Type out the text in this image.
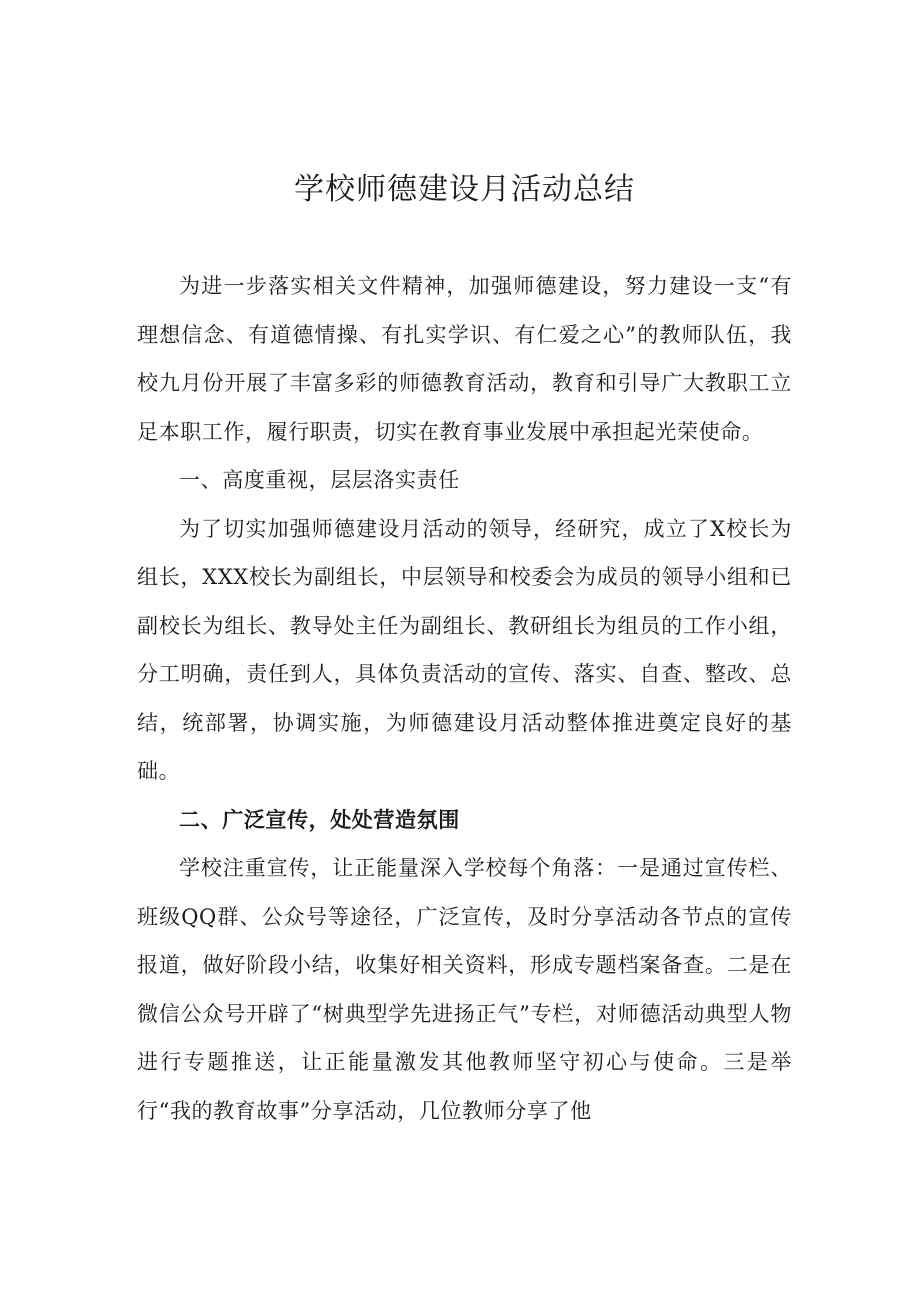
学校师德建设月活动总结

为进一步落实相关文件精神，加强师德建设，努力建设一支“有理想信念、有道德情操、有扎实学识、有仁爱之心”的教师队伍，我校九月份开展了丰富多彩的师德教育活动，教育和引导广大教职工立足本职工作，履行职责，切实在教育事业发展中承担起光荣使命。

一、高度重视，层层洛实责任

为了切实加强师德建设月活动的领导，经研究，成立了X校长为组长，XXX校长为副组长，中层领导和校委会为成员的领导小组和已副校长为组长、教导处主任为副组长、教研组长为组员的工作小组，分工明确，责任到人，具体负责活动的宣传、落实、自查、整改、总结，统部署，协调实施，为师德建设月活动整体推进奠定良好的基础。

二、广泛宣传，处处营造氛围

学校注重宣传，让正能量深入学校每个角落：一是通过宣传栏、班级QQ群、公众号等途径，广泛宣传，及时分享活动各节点的宣传报道，做好阶段小结，收集好相关资料，形成专题档案备查。二是在微信公众号开辟了“树典型学先进扬正气”专栏，对师德活动典型人物进行专题推送，让正能量激发其他教师坚守初心与使命。三是举行“我的教育故事”分享活动，几位教师分享了他
